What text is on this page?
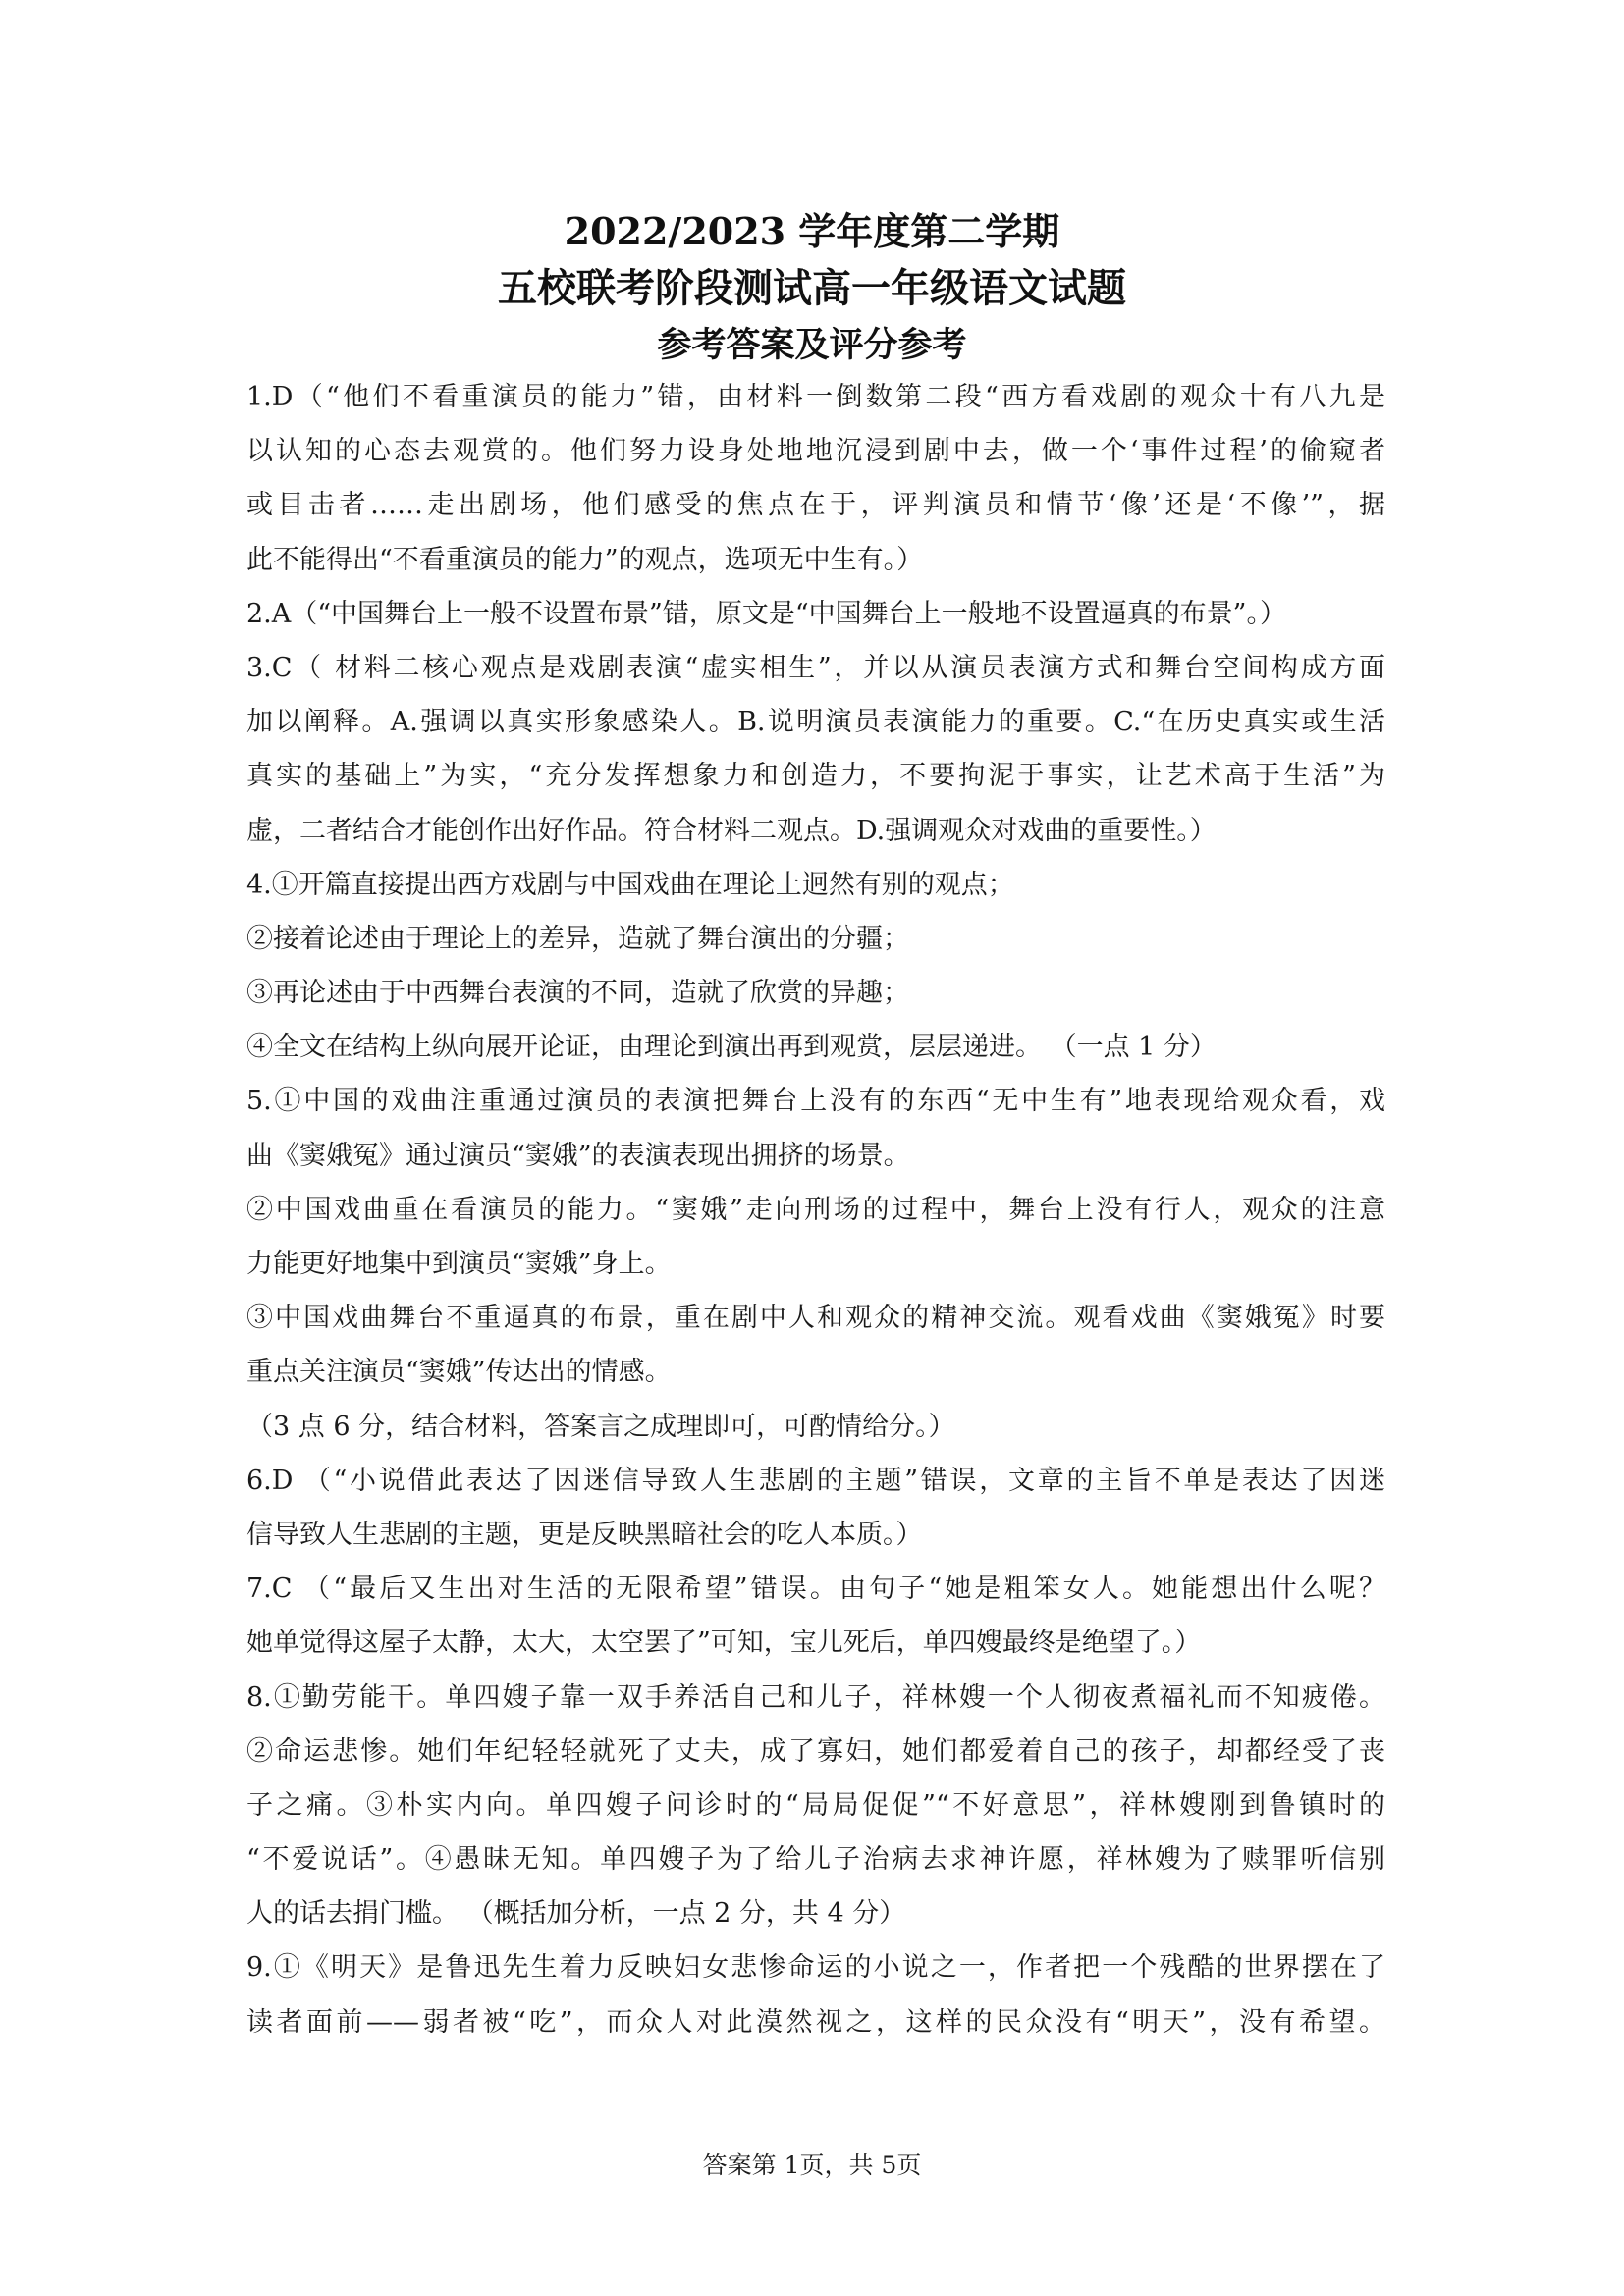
2022/2023 学年度第二学期
五校联考阶段测试高一年级语文试题
参考答案及评分参考
1.D（“他们不看重演员的能力”错，由材料一倒数第二段“西方看戏剧的观众十有八九是
以认知的心态去观赏的。他们努力设身处地地沉浸到剧中去，做一个‘事件过程’的偷窥者
或目击者……走出剧场，他们感受的焦点在于，评判演员和情节‘像’还是‘不像’”，据
此不能得出“不看重演员的能力”的观点，选项无中生有。）
2.A（“中国舞台上一般不设置布景”错，原文是“中国舞台上一般地不设置逼真的布景”。）
3.C（ 材料二核心观点是戏剧表演“虚实相生”，并以从演员表演方式和舞台空间构成方面
加以阐释。A.强调以真实形象感染人。B.说明演员表演能力的重要。C.“在历史真实或生活
真实的基础上”为实，“充分发挥想象力和创造力，不要拘泥于事实，让艺术高于生活”为
虚，二者结合才能创作出好作品。符合材料二观点。D.强调观众对戏曲的重要性。）
4.①开篇直接提出西方戏剧与中国戏曲在理论上迥然有别的观点；
②接着论述由于理论上的差异，造就了舞台演出的分疆；
③再论述由于中西舞台表演的不同，造就了欣赏的异趣；
④全文在结构上纵向展开论证，由理论到演出再到观赏，层层递进。 （一点 1 分）
5.①中国的戏曲注重通过演员的表演把舞台上没有的东西“无中生有”地表现给观众看，戏
曲《窦娥冤》通过演员“窦娥”的表演表现出拥挤的场景。
②中国戏曲重在看演员的能力。“窦娥”走向刑场的过程中，舞台上没有行人，观众的注意
力能更好地集中到演员“窦娥”身上。
③中国戏曲舞台不重逼真的布景，重在剧中人和观众的精神交流。观看戏曲《窦娥冤》时要
重点关注演员“窦娥”传达出的情感。
（3 点 6 分，结合材料，答案言之成理即可，可酌情给分。）
6.D （“小说借此表达了因迷信导致人生悲剧的主题”错误，文章的主旨不单是表达了因迷
信导致人生悲剧的主题，更是反映黑暗社会的吃人本质。）
7.C （“最后又生出对生活的无限希望”错误。由句子“她是粗笨女人。她能想出什么呢？
她单觉得这屋子太静，太大，太空罢了”可知，宝儿死后，单四嫂最终是绝望了。）
8.①勤劳能干。单四嫂子靠一双手养活自己和儿子，祥林嫂一个人彻夜煮福礼而不知疲倦。
②命运悲惨。她们年纪轻轻就死了丈夫，成了寡妇，她们都爱着自己的孩子，却都经受了丧
子之痛。③朴实内向。单四嫂子问诊时的“局局促促”“不好意思”，祥林嫂刚到鲁镇时的
“不爱说话”。④愚昧无知。单四嫂子为了给儿子治病去求神许愿，祥林嫂为了赎罪听信别
人的话去捐门槛。 （概括加分析，一点 2 分，共 4 分）
9.①《明天》是鲁迅先生着力反映妇女悲惨命运的小说之一，作者把一个残酷的世界摆在了
读者面前——弱者被“吃”，而众人对此漠然视之，这样的民众没有“明天”，没有希望。
答案第 1页，共 5页
